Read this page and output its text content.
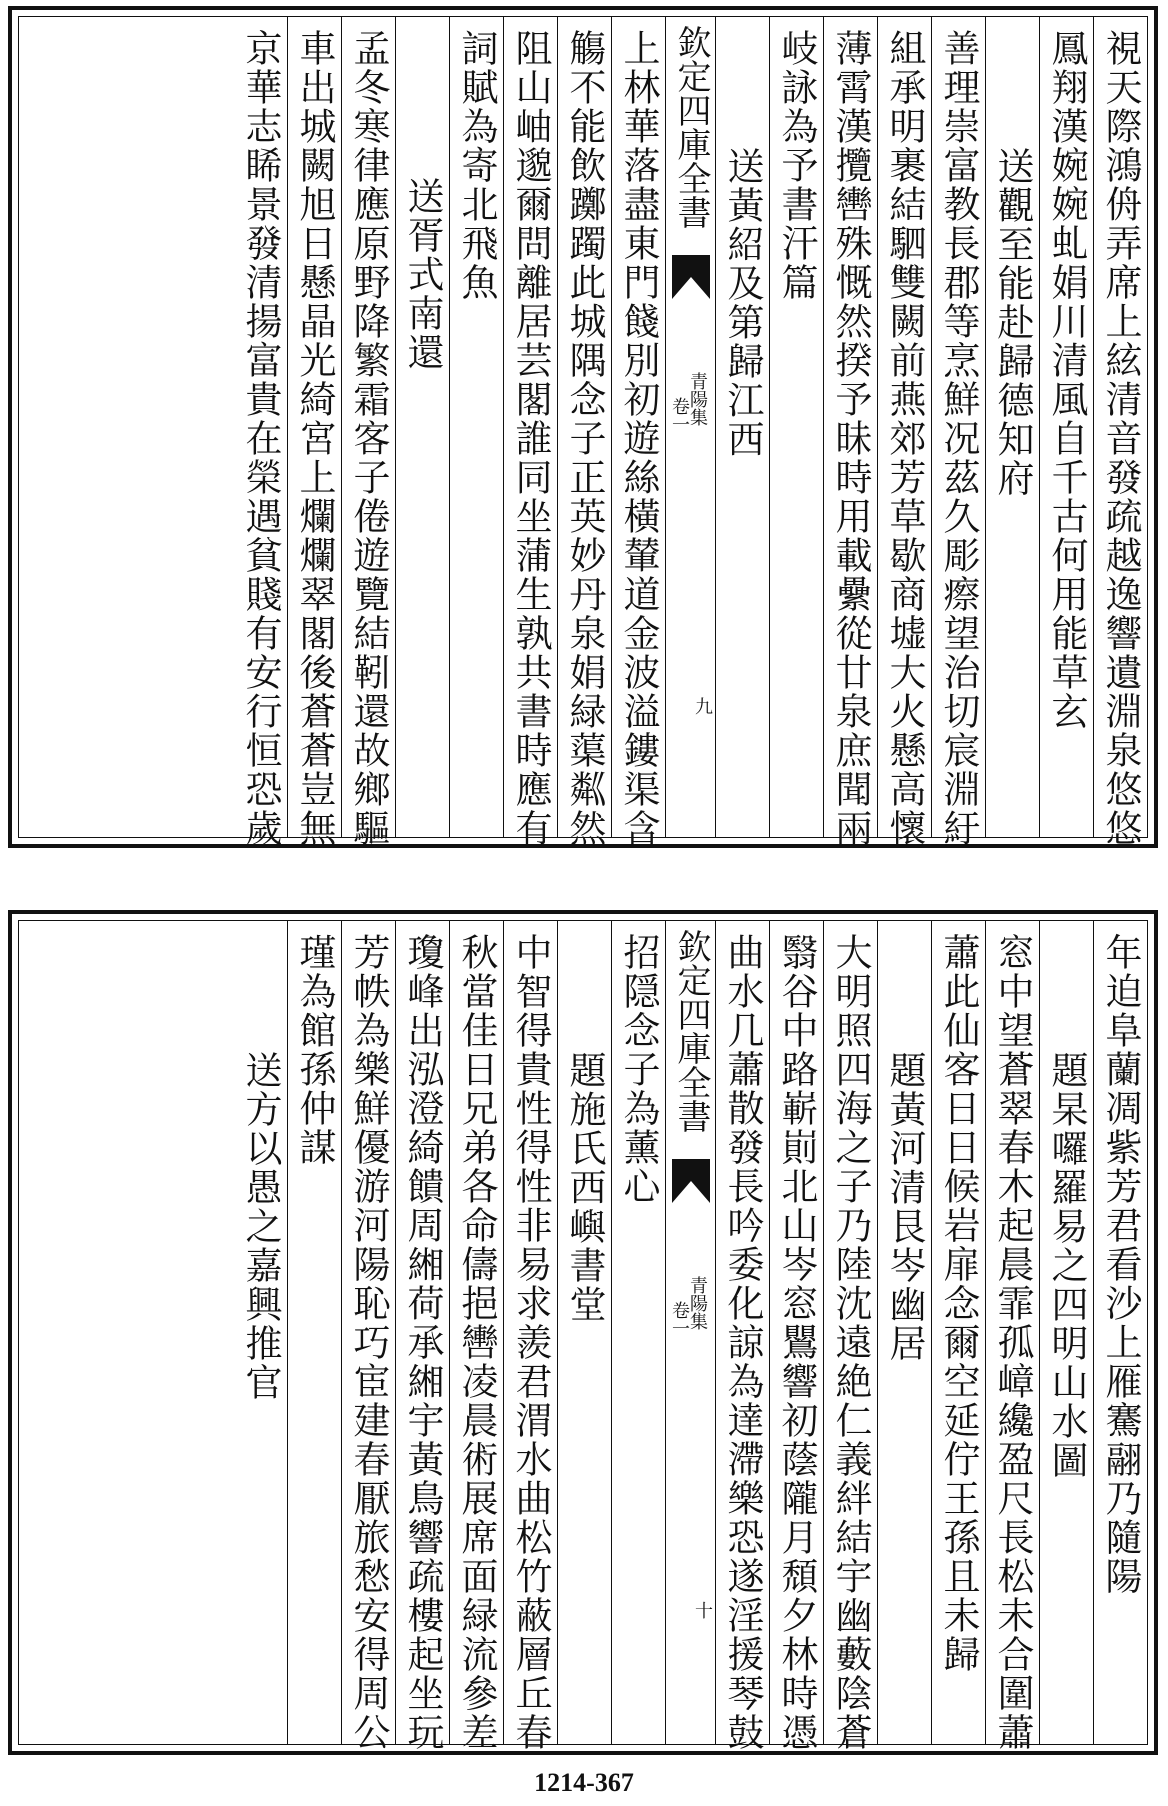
視天際鴻侜弄席上絃清音發疏越逸響遺淵泉悠悠
鳳翔漢婉婉虬娟川清風自千古何用能草玄
送觀至能赴歸德知府
善理崇富教長郡等烹鮮况茲久彫瘵望治切宸淵紆
組承明裹結駟雙闕前燕郊芳草歇商墟大火懸高懷
薄霄漢攬轡殊慨然揆予昧時用載纍從廿泉庶聞兩
岐詠為予書汗篇
送黃紹及第歸江西
欽定四庫全書
青陽集
卷一
九
上林華落盡東門餞別初遊絲橫輦道金波溢鏤渠含
觴不能飲躑躅此城隅念子正英妙丹泉娟緑蕖粼然
阻山岫邈爾問離居芸閣誰同坐蒲生孰共書時應有
詞賦為寄北飛魚
送胥式南還
孟冬寒律應原野降繁霜客子倦遊覽結靷還故鄉驅
車出城闕旭日懸晶光綺宮上爛爛翠閣後蒼蒼豈無
京華志睎景發清揚富貴在榮遇貧賤有安行恒恐歲
年迫阜蘭凋紫芳君看沙上雁騫翮乃隨陽
題杲囉羅易之四明山水圖
窓中望蒼翠春木起晨霏孤嶂纔盈尺長松未合圍蕭
蕭此仙客日日候岩扉念爾空延佇王孫且未歸
題黃河清艮岑幽居
大明照四海之子乃陸沈遠絶仁義絆結宇幽藪陰蒼
翳谷中路嶄崱北山岑窓鸎響初蔭隴月頹夕林時憑
曲水几蕭散發長吟委化諒為達滯樂恐遂淫援琴鼓
欽定四庫全書
青陽集
卷一
十
招隠念子為薰心
題施氏西嶼書堂
中智得貴性得性非易求羨君渭水曲松竹蔽層丘春
秋當佳日兄弟各命儔挹轡凌晨術展席面緑流參差
瓊峰出泓澄綺饋周緗荷承緗宇黃鳥響疏樓起坐玩
芳帙為樂鮮優游河陽恥巧宦建春厭旅愁安得周公
瑾為館孫仲謀
送方以愚之嘉興推官
1214-367
